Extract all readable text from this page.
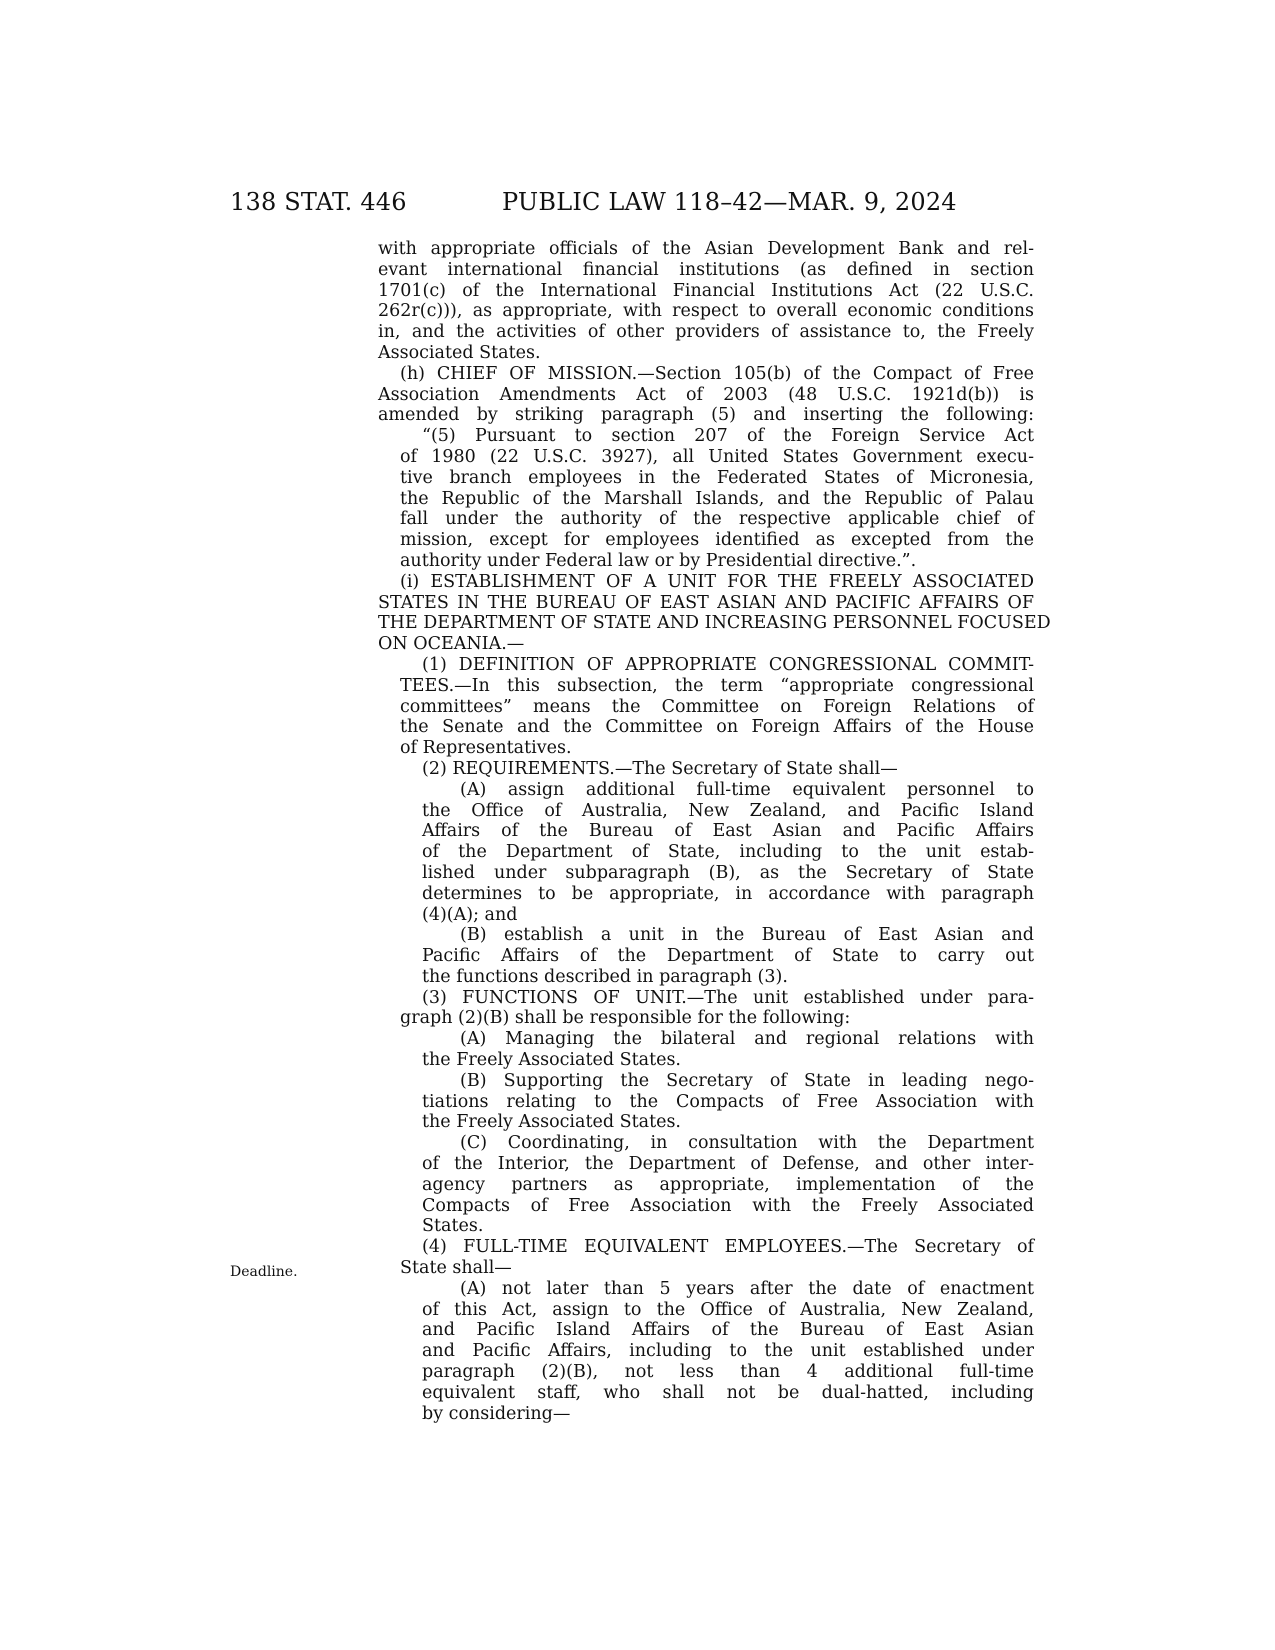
138 STAT. 446	PUBLIC LAW 118–42—MAR. 9, 2024
Deadline.
with appropriate officials of the Asian Development Bank and rel-
evant international financial institutions (as defined in section
1701(c) of the International Financial Institutions Act (22 U.S.C.
262r(c))), as appropriate, with respect to overall economic conditions
in, and the activities of other providers of assistance to, the Freely
Associated States.
(h) CHIEF OF MISSION.—Section 105(b) of the Compact of Free
Association Amendments Act of 2003 (48 U.S.C. 1921d(b)) is
amended by striking paragraph (5) and inserting the following:
“(5) Pursuant to section 207 of the Foreign Service Act
of 1980 (22 U.S.C. 3927), all United States Government execu-
tive branch employees in the Federated States of Micronesia,
the Republic of the Marshall Islands, and the Republic of Palau
fall under the authority of the respective applicable chief of
mission, except for employees identified as excepted from the
authority under Federal law or by Presidential directive.”.
(i) ESTABLISHMENT OF A UNIT FOR THE FREELY ASSOCIATED
STATES IN THE BUREAU OF EAST ASIAN AND PACIFIC AFFAIRS OF
THE DEPARTMENT OF STATE AND INCREASING PERSONNEL FOCUSED
ON OCEANIA.—
(1) DEFINITION OF APPROPRIATE CONGRESSIONAL COMMIT-
TEES.—In this subsection, the term “appropriate congressional
committees” means the Committee on Foreign Relations of
the Senate and the Committee on Foreign Affairs of the House
of Representatives.
(2) REQUIREMENTS.—The Secretary of State shall—
(A) assign additional full-time equivalent personnel to
the Office of Australia, New Zealand, and Pacific Island
Affairs of the Bureau of East Asian and Pacific Affairs
of the Department of State, including to the unit estab-
lished under subparagraph (B), as the Secretary of State
determines to be appropriate, in accordance with paragraph
(4)(A); and
(B) establish a unit in the Bureau of East Asian and
Pacific Affairs of the Department of State to carry out
the functions described in paragraph (3).
(3) FUNCTIONS OF UNIT.—The unit established under para-
graph (2)(B) shall be responsible for the following:
(A) Managing the bilateral and regional relations with
the Freely Associated States.
(B) Supporting the Secretary of State in leading nego-
tiations relating to the Compacts of Free Association with
the Freely Associated States.
(C) Coordinating, in consultation with the Department
of the Interior, the Department of Defense, and other inter-
agency partners as appropriate, implementation of the
Compacts of Free Association with the Freely Associated
States.
(4) FULL-TIME EQUIVALENT EMPLOYEES.—The Secretary of
State shall—
(A) not later than 5 years after the date of enactment
of this Act, assign to the Office of Australia, New Zealand,
and Pacific Island Affairs of the Bureau of East Asian
and Pacific Affairs, including to the unit established under
paragraph (2)(B), not less than 4 additional full-time
equivalent staff, who shall not be dual-hatted, including
by considering—
